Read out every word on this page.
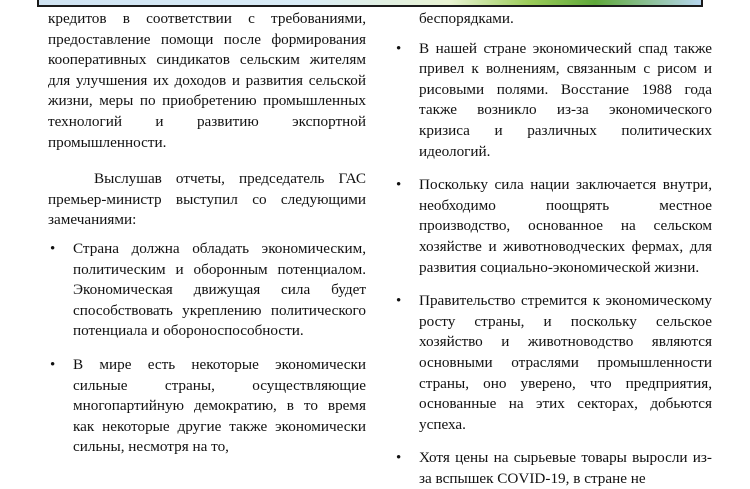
кредитов в соответствии с требованиями, предоставление помощи после формирования кооперативных синдикатов сельским жителям для улучшения их доходов и развития сельской жизни, меры по приобретению промышленных технологий и развитию экспортной промышленности.

Выслушав отчеты, председатель ГАС премьер-министр выступил со следующими замечаниями:

• Страна должна обладать экономическим, политическим и оборонным потенциалом. Экономическая движущая сила будет способствовать укреплению политического потенциала и обороноспособности.
• В мире есть некоторые экономически сильные страны, осуществляющие многопартийную демократию, в то время как некоторые другие также экономически сильны, несмотря на то,

беспорядками.

• В нашей стране экономический спад также привел к волнениям, связанным с рисом и рисовыми полями. Восстание 1988 года также возникло из-за экономического кризиса и различных политических идеологий.
• Поскольку сила нации заключается внутри, необходимо поощрять местное производство, основанное на сельском хозяйстве и животноводческих фермах, для развития социально-экономической жизни.
• Правительство стремится к экономическому росту страны, и поскольку сельское хозяйство и животноводство являются основными отраслями промышленности страны, оно уверено, что предприятия, основанные на этих секторах, добьются успеха.
• Хотя цены на сырьевые товары выросли из-за вспышек COVID-19, в стране не
